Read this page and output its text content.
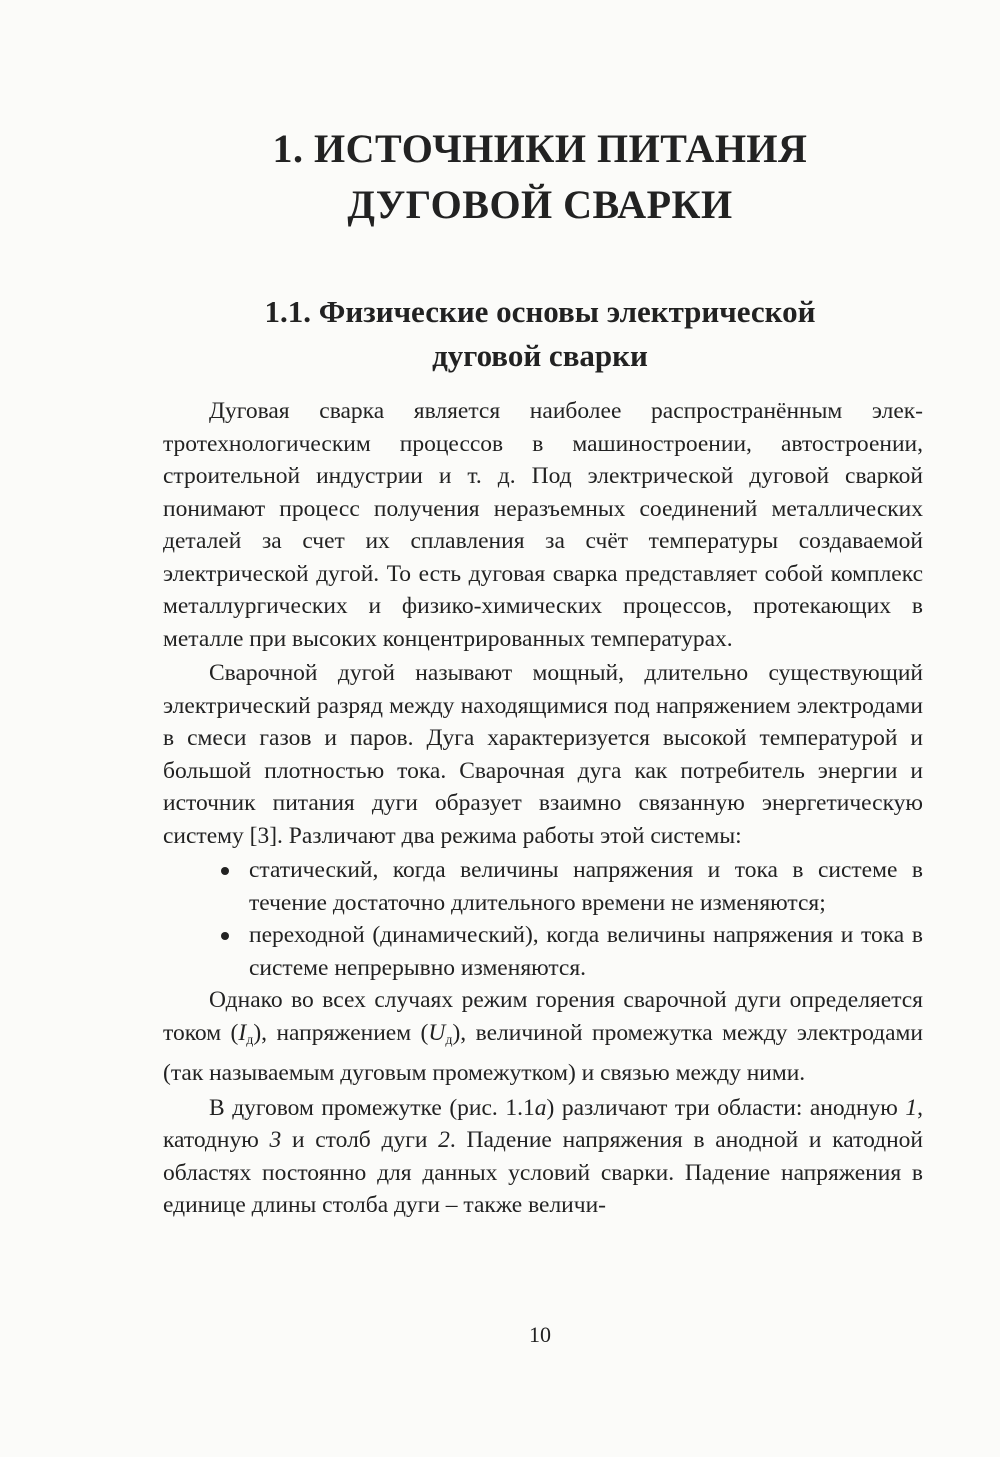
1. ИСТОЧНИКИ ПИТАНИЯ
ДУГОВОЙ СВАРКИ
1.1. Физические основы электрической
дуговой сварки

Дуговая сварка является наиболее распространённым электротехнологическим процессов в машиностроении, автостроении, строительной индустрии и т. д. Под электрической дуговой сваркой понимают процесс получения неразъемных соединений металлических деталей за счет их сплавления за счёт температуры создаваемой электрической дугой. То есть дуговая сварка представляет собой комплекс металлургических и физико-химических процессов, протекающих в металле при высоких концентрированных температурах.

Сварочной дугой называют мощный, длительно существующий электрический разряд между находящимися под напряжением электродами в смеси газов и паров. Дуга характеризуется высокой температурой и большой плотностью тока. Сварочная дуга как потребитель энергии и источник питания дуги образует взаимно связанную энергетическую систему [3]. Различают два режима работы этой системы:

статический, когда величины напряжения и тока в системе в течение достаточно длительного времени не изменяются;
переходной (динамический), когда величины напряжения и тока в системе непрерывно изменяются.

Однако во всех случаях режим горения сварочной дуги определяется током $(I_д)$, напряжением $(U_д)$, величиной промежутка между электродами (так называемым дуговым промежутком) и связью между ними.

В дуговом промежутке (рис. 1.1а) различают три области: анодную 1, катодную 3 и столб дуги 2. Падение напряжения в анодной и катодной областях постоянно для данных условий сварки. Падение напряжения в единице длины столба дуги – также величи-

10
